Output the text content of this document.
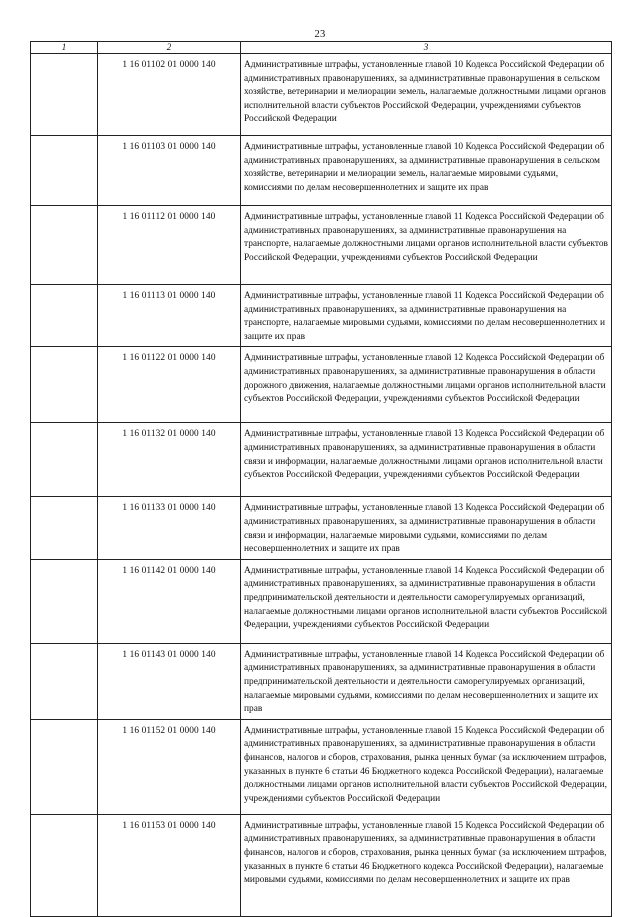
23
1	2	3
	1 16 01102 01 0000 140	Административные штрафы, установленные главой 10 Кодекса Российской Федерации об административных правонарушениях, за административные правонарушения в сельском хозяйстве, ветеринарии и мелиорации земель, налагаемые должностными лицами органов исполнительной власти субъектов Российской Федерации, учреждениями субъектов Российской Федерации
	1 16 01103 01 0000 140	Административные штрафы, установленные главой 10 Кодекса Российской Федерации об административных правонарушениях, за административные правонарушения в сельском хозяйстве, ветеринарии и мелиорации земель, налагаемые мировыми судьями, комиссиями по делам несовершеннолетних и защите их прав
	1 16 01112 01 0000 140	Административные штрафы, установленные главой 11 Кодекса Российской Федерации об административных правонарушениях, за административные правонарушения на транспорте, налагаемые должностными лицами органов исполнительной власти субъектов Российской Федерации, учреждениями субъектов Российской Федерации
	1 16 01113 01 0000 140	Административные штрафы, установленные главой 11 Кодекса Российской Федерации об административных правонарушениях, за административные правонарушения на транспорте, налагаемые мировыми судьями, комиссиями по делам несовершеннолетних и защите их прав
	1 16 01122 01 0000 140	Административные штрафы, установленные главой 12 Кодекса Российской Федерации об административных правонарушениях, за административные правонарушения в области дорожного движения, налагаемые должностными лицами органов исполнительной власти субъектов Российской Федерации, учреждениями субъектов Российской Федерации
	1 16 01132 01 0000 140	Административные штрафы, установленные главой 13 Кодекса Российской Федерации об административных правонарушениях, за административные правонарушения в области связи и информации, налагаемые должностными лицами органов исполнительной власти субъектов Российской Федерации, учреждениями субъектов Российской Федерации
	1 16 01133 01 0000 140	Административные штрафы, установленные главой 13 Кодекса Российской Федерации об административных правонарушениях, за административные правонарушения в области связи и информации, налагаемые мировыми судьями, комиссиями по делам несовершеннолетних и защите их прав
	1 16 01142 01 0000 140	Административные штрафы, установленные главой 14 Кодекса Российской Федерации об административных правонарушениях, за административные правонарушения в области предпринимательской деятельности и деятельности саморегулируемых организаций, налагаемые должностными лицами органов исполнительной власти субъектов Российской Федерации, учреждениями субъектов Российской Федерации
	1 16 01143 01 0000 140	Административные штрафы, установленные главой 14 Кодекса Российской Федерации об административных правонарушениях, за административные правонарушения в области предпринимательской деятельности и деятельности саморегулируемых организаций, налагаемые мировыми судьями, комиссиями по делам несовершеннолетних и защите их прав
	1 16 01152 01 0000 140	Административные штрафы, установленные главой 15 Кодекса Российской Федерации об административных правонарушениях, за административные правонарушения в области финансов, налогов и сборов, страхования, рынка ценных бумаг (за исключением штрафов, указанных в пункте 6 статьи 46 Бюджетного кодекса Российской Федерации), налагаемые должностными лицами органов исполнительной власти субъектов Российской Федерации, учреждениями субъектов Российской Федерации
	1 16 01153 01 0000 140	Административные штрафы, установленные главой 15 Кодекса Российской Федерации об административных правонарушениях, за административные правонарушения в области финансов, налогов и сборов, страхования, рынка ценных бумаг (за исключением штрафов, указанных в пункте 6 статьи 46 Бюджетного кодекса Российской Федерации), налагаемые мировыми судьями, комиссиями по делам несовершеннолетних и защите их прав
